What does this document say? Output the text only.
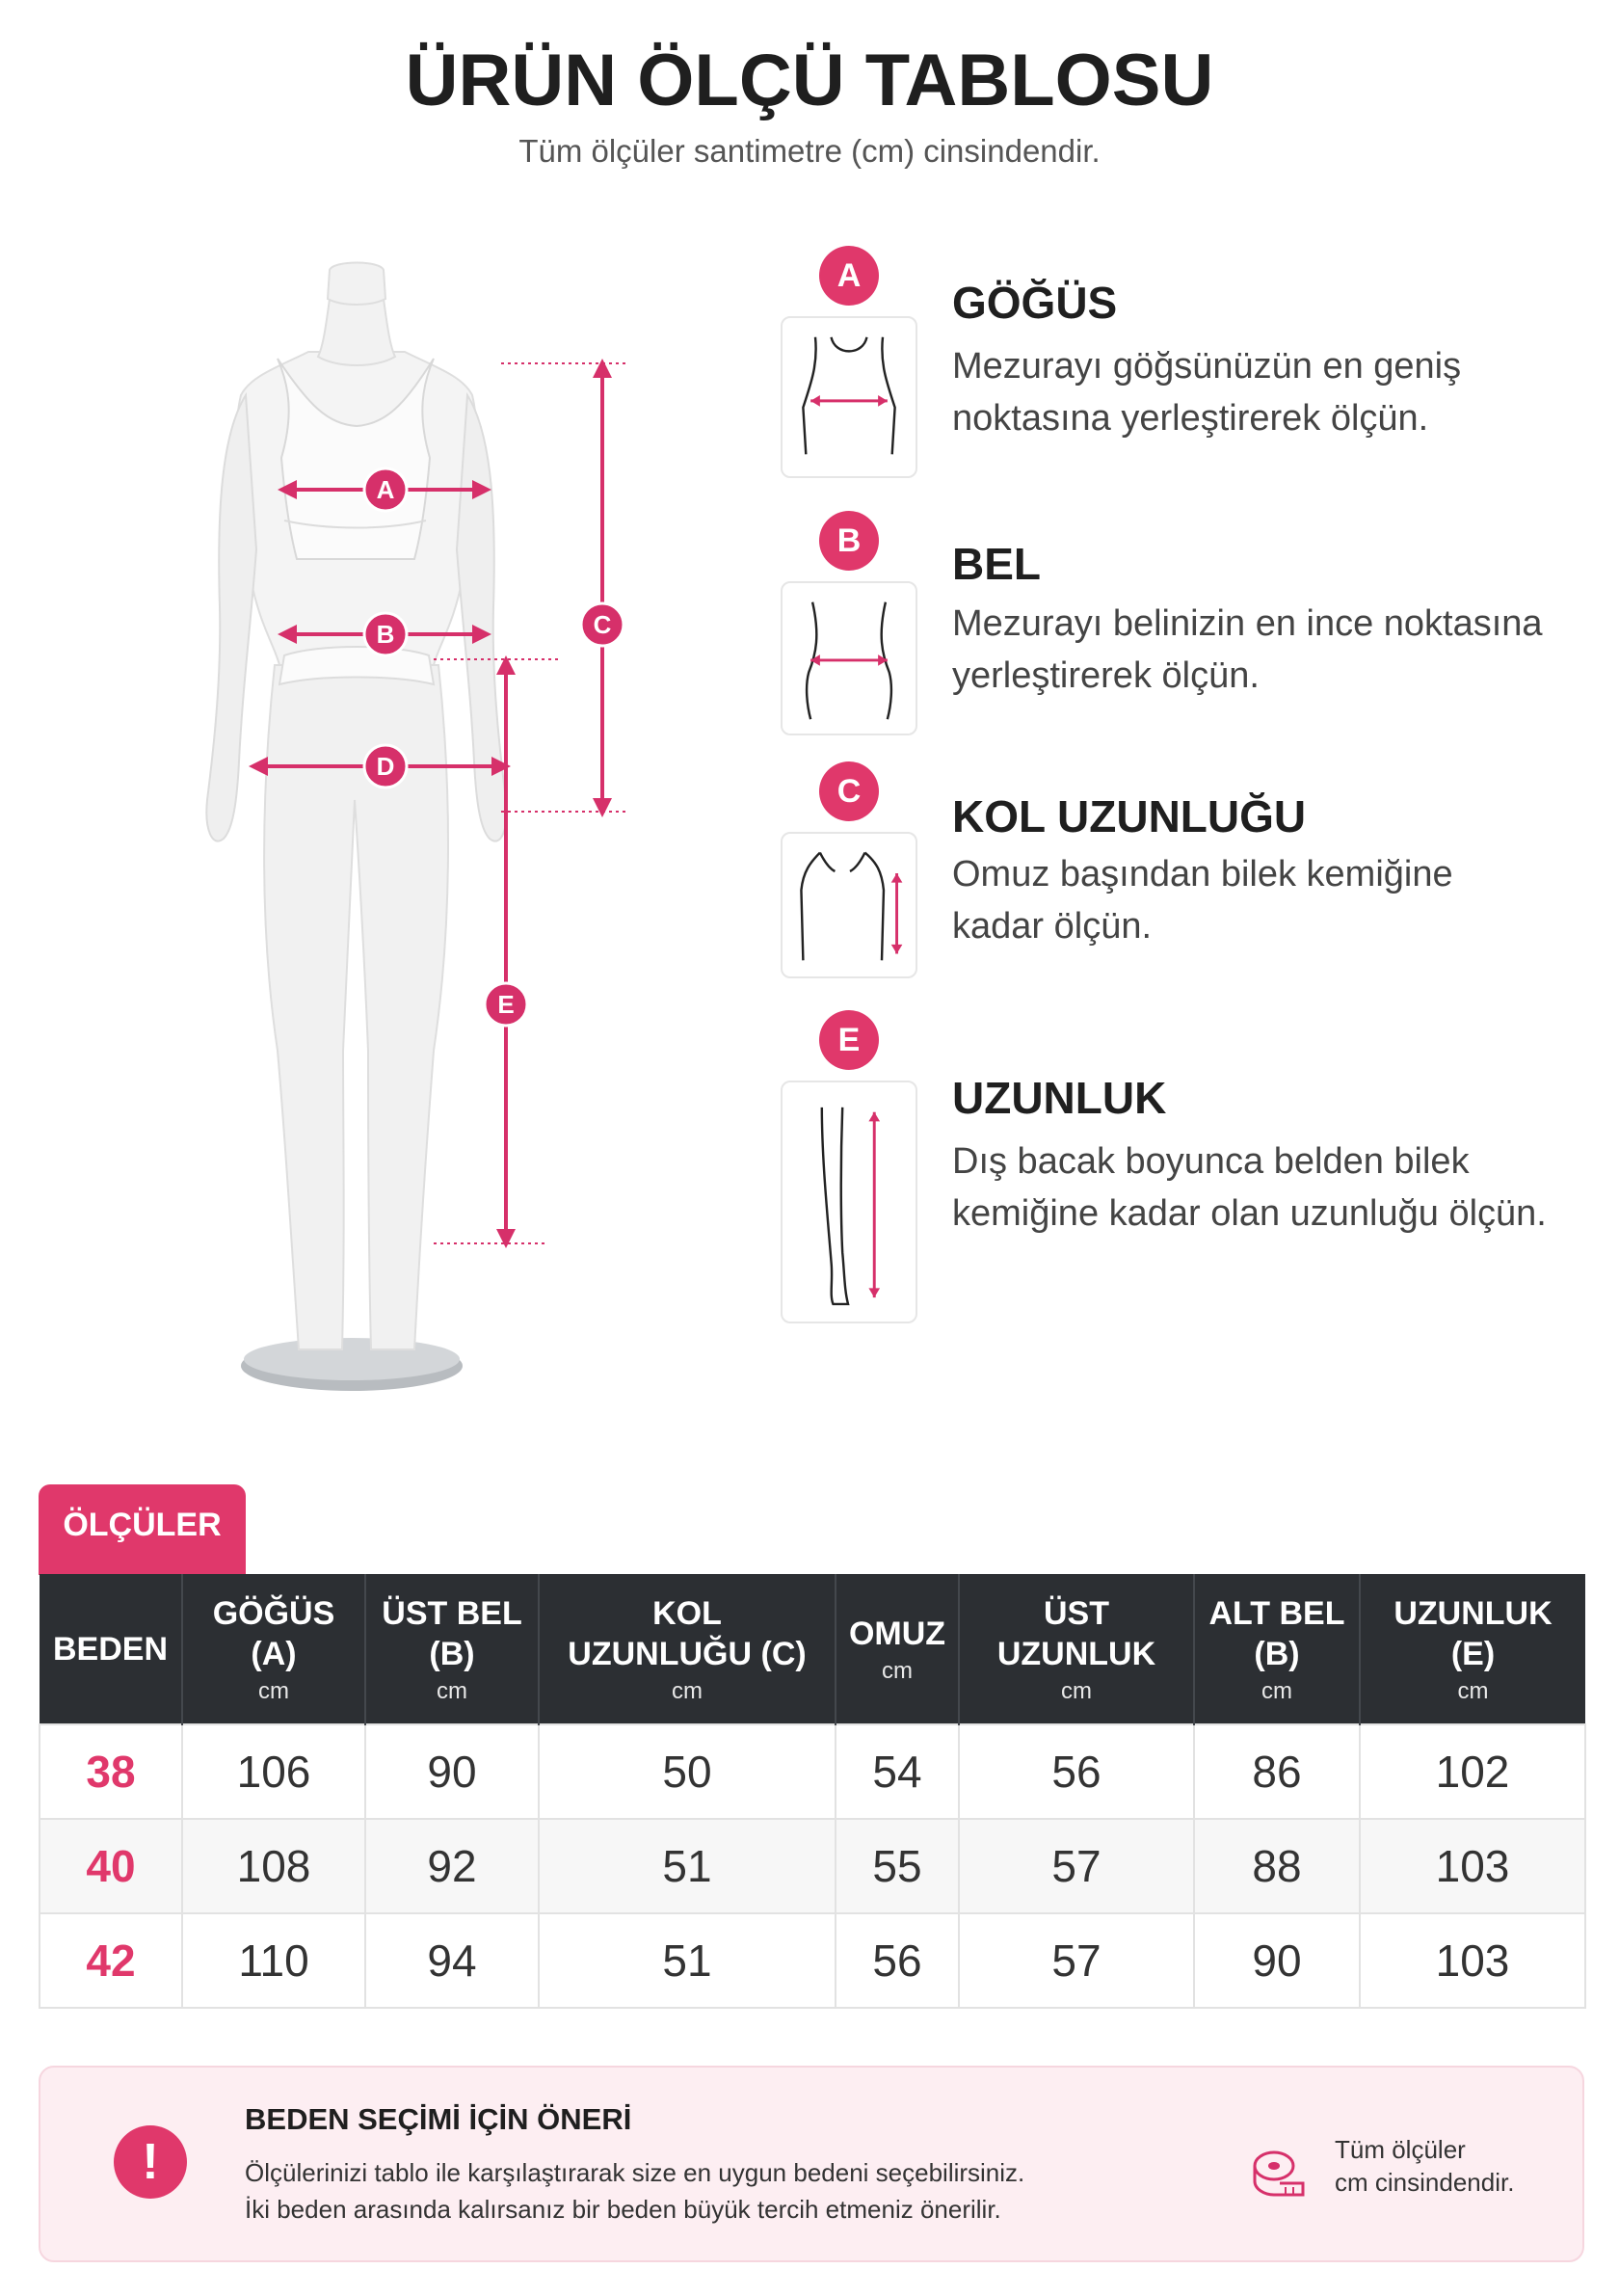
ÜRÜN ÖLÇÜ TABLOSU
Tüm ölçüler santimetre (cm) cinsindendir.
A
B	C
D
E
A
GÖĞÜS
Mezurayı göğsünüzün en geniş
noktasına yerleştirerek ölçün.
B	BEL
Mezurayı belinizin en ince noktasına
yerleştirerek ölçün.
C	KOL UZUNLUĞU
Omuz başından bilek kemiğine
kadar ölçün.
E
UZUNLUK
Dış bacak boyunca belden bilek
kemiğine kadar olan uzunluğu ölçün.
ÖLÇÜLER
BEDEN	GÖĞÜS
(A)
cm	ÜST BEL
(B)
cm	KOL
UZUNLUĞU (C)
cm	OMUZ
cm	ÜST
UZUNLUK
cm	ALT BEL
(B)
cm	UZUNLUK
(E)
cm

38	106	90	50	54	56	86	102
40	108	92	51	55	57	88	103
42	110	94	51	56	57	90	103
!
BEDEN SEÇİMİ İÇİN ÖNERİ
Ölçülerinizi tablo ile karşılaştırarak size en uygun bedeni seçebilirsiniz.
İki beden arasında kalırsanız bir beden büyük tercih etmeniz önerilir.
Tüm ölçüler
cm cinsindendir.
